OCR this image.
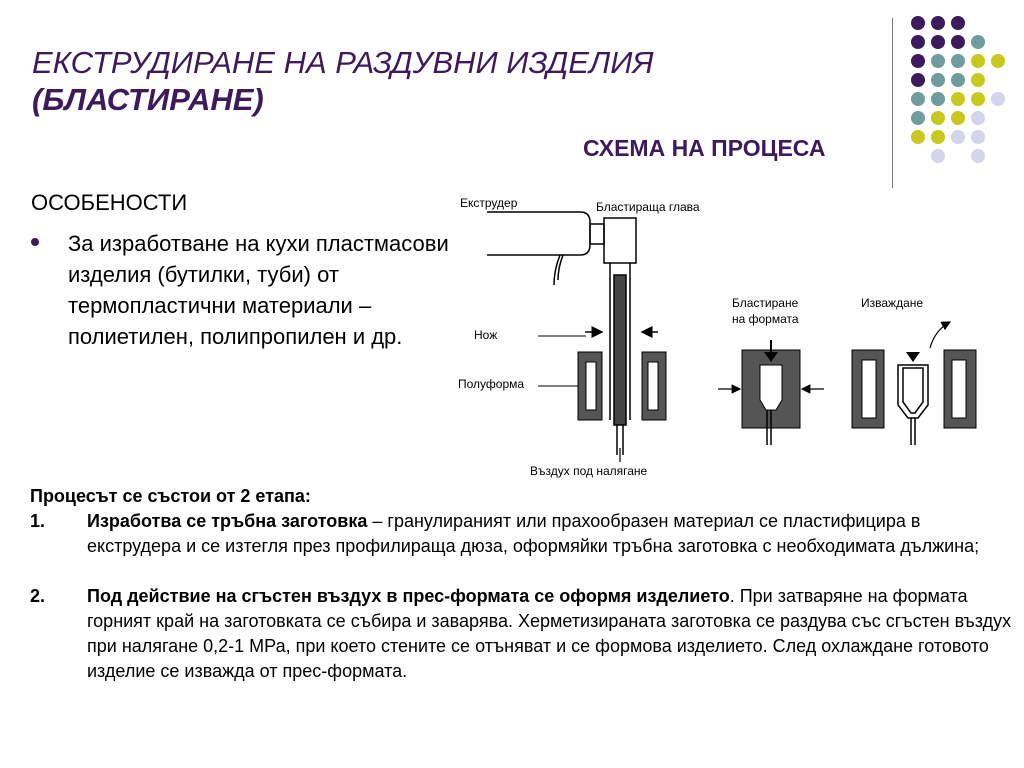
ЕКСТРУДИРАНЕ НА РАЗДУВНИ ИЗДЕЛИЯ
(БЛАСТИРАНЕ)
СХЕМА НА ПРОЦЕСА
ОСОБЕНОСТИ
За изработване на кухи пластмасови изделия (бутилки, туби) от термопластични материали – полиетилен, полипропилен и др.
Екструдер	Бластираща глава
Нож
Полуформа
Въздух под налягане
Бластиране
на формата
Изваждане
Процесът се състои от 2 етапа:
1. Изработва се тръбна заготовка – гранулираният или прахообразен материал се пластифицира в екструдера и се изтегля през профилираща дюза, оформяйки тръбна заготовка с необходимата дължина;
2. Под действие на сгъстен въздух в прес-формата се оформя изделието. При затваряне на формата горният край на заготовката се събира и заварява. Херметизираната заготовка се раздува със сгъстен въздух при налягане 0,2-1 МРа, при което стените се отъняват и се формова изделието. След охлаждане готовото изделие се изважда от прес-формата.
